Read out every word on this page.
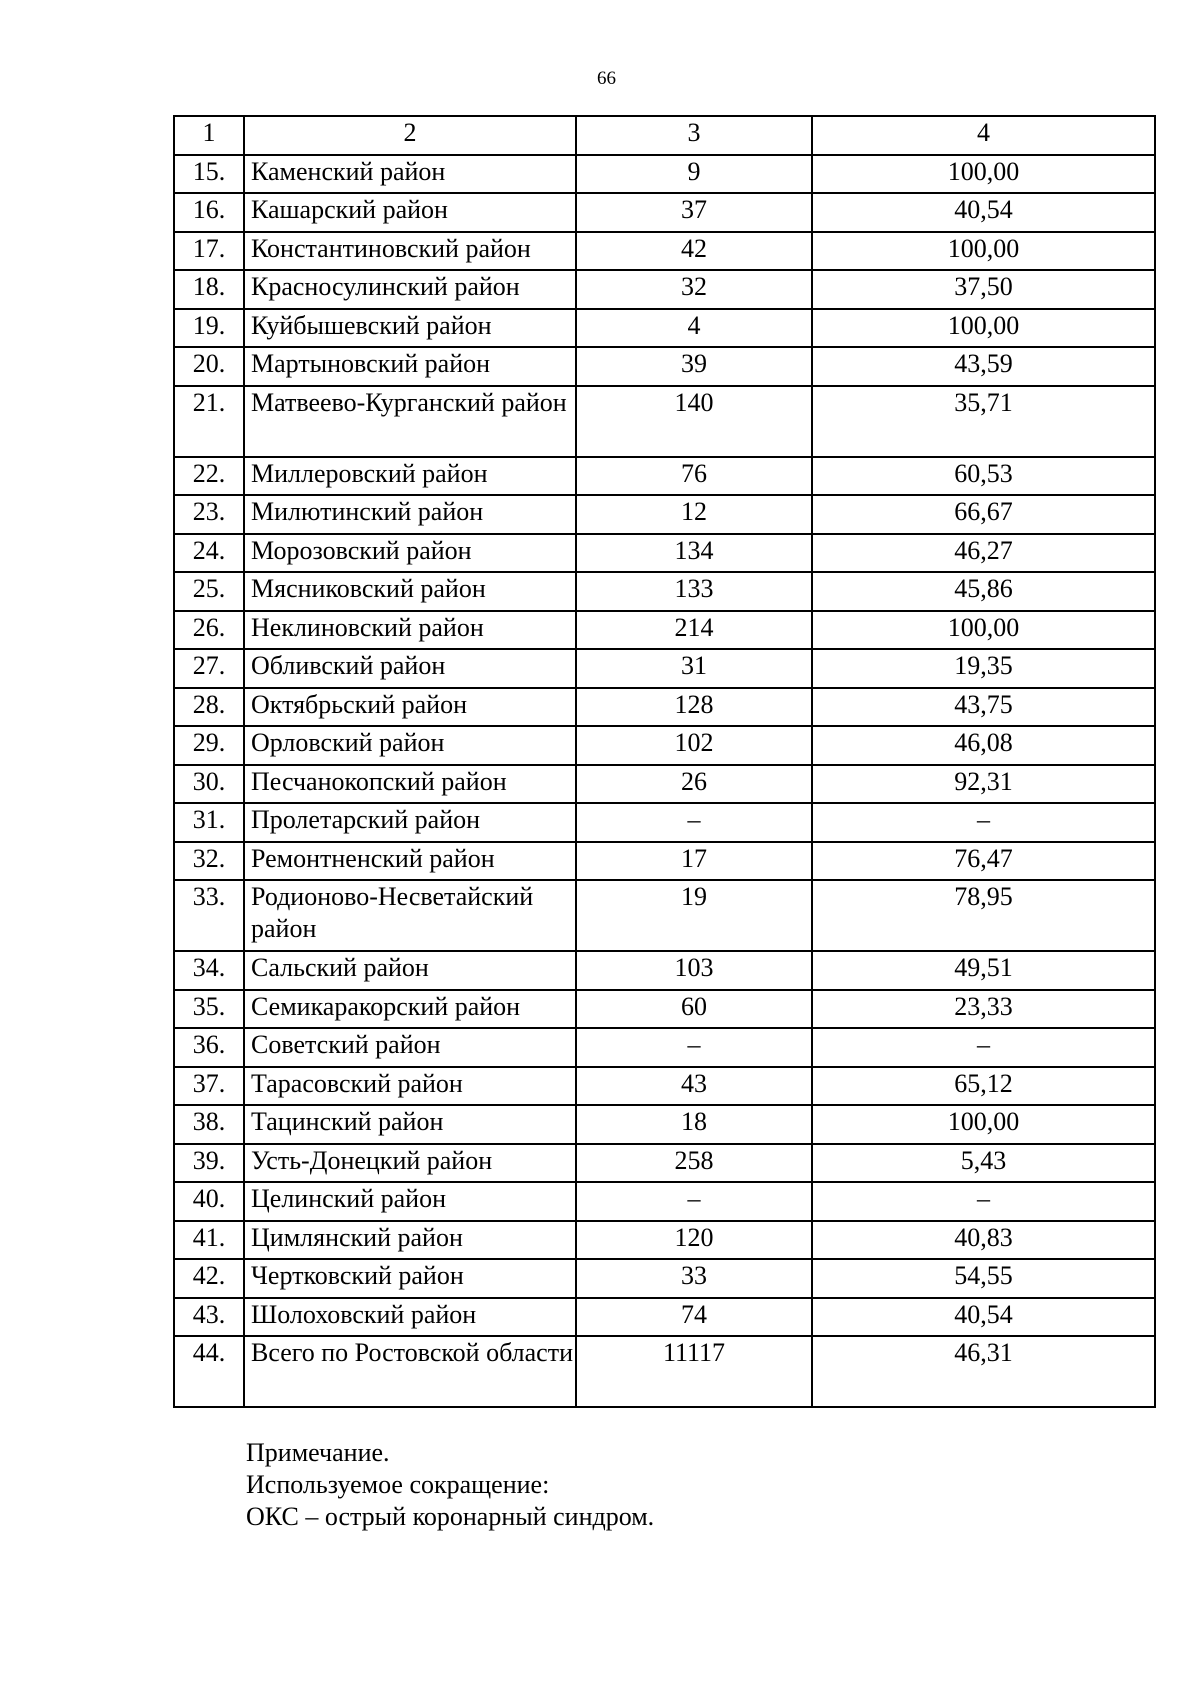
66
1	2	3	4
15.	Каменский район	9	100,00
16.	Кашарский район	37	40,54
17.	Константиновский район	42	100,00
18.	Красносулинский район	32	37,50
19.	Куйбышевский район	4	100,00
20.	Мартыновский район	39	43,59
21.	Матвеево-Курганский район	140	35,71
22.	Миллеровский район	76	60,53
23.	Милютинский район	12	66,67
24.	Морозовский район	134	46,27
25.	Мясниковский район	133	45,86
26.	Неклиновский район	214	100,00
27.	Обливский район	31	19,35
28.	Октябрьский район	128	43,75
29.	Орловский район	102	46,08
30.	Песчанокопский район	26	92,31
31.	Пролетарский район	–	–
32.	Ремонтненский район	17	76,47
33.	Родионово-Несветайский район	19	78,95
34.	Сальский район	103	49,51
35.	Семикаракорский район	60	23,33
36.	Советский район	–	–
37.	Тарасовский район	43	65,12
38.	Тацинский район	18	100,00
39.	Усть-Донецкий район	258	5,43
40.	Целинский район	–	–
41.	Цимлянский район	120	40,83
42.	Чертковский район	33	54,55
43.	Шолоховский район	74	40,54
44.	Всего по Ростовской области	11117	46,31
Примечание.
Используемое сокращение:
ОКС – острый коронарный синдром.
